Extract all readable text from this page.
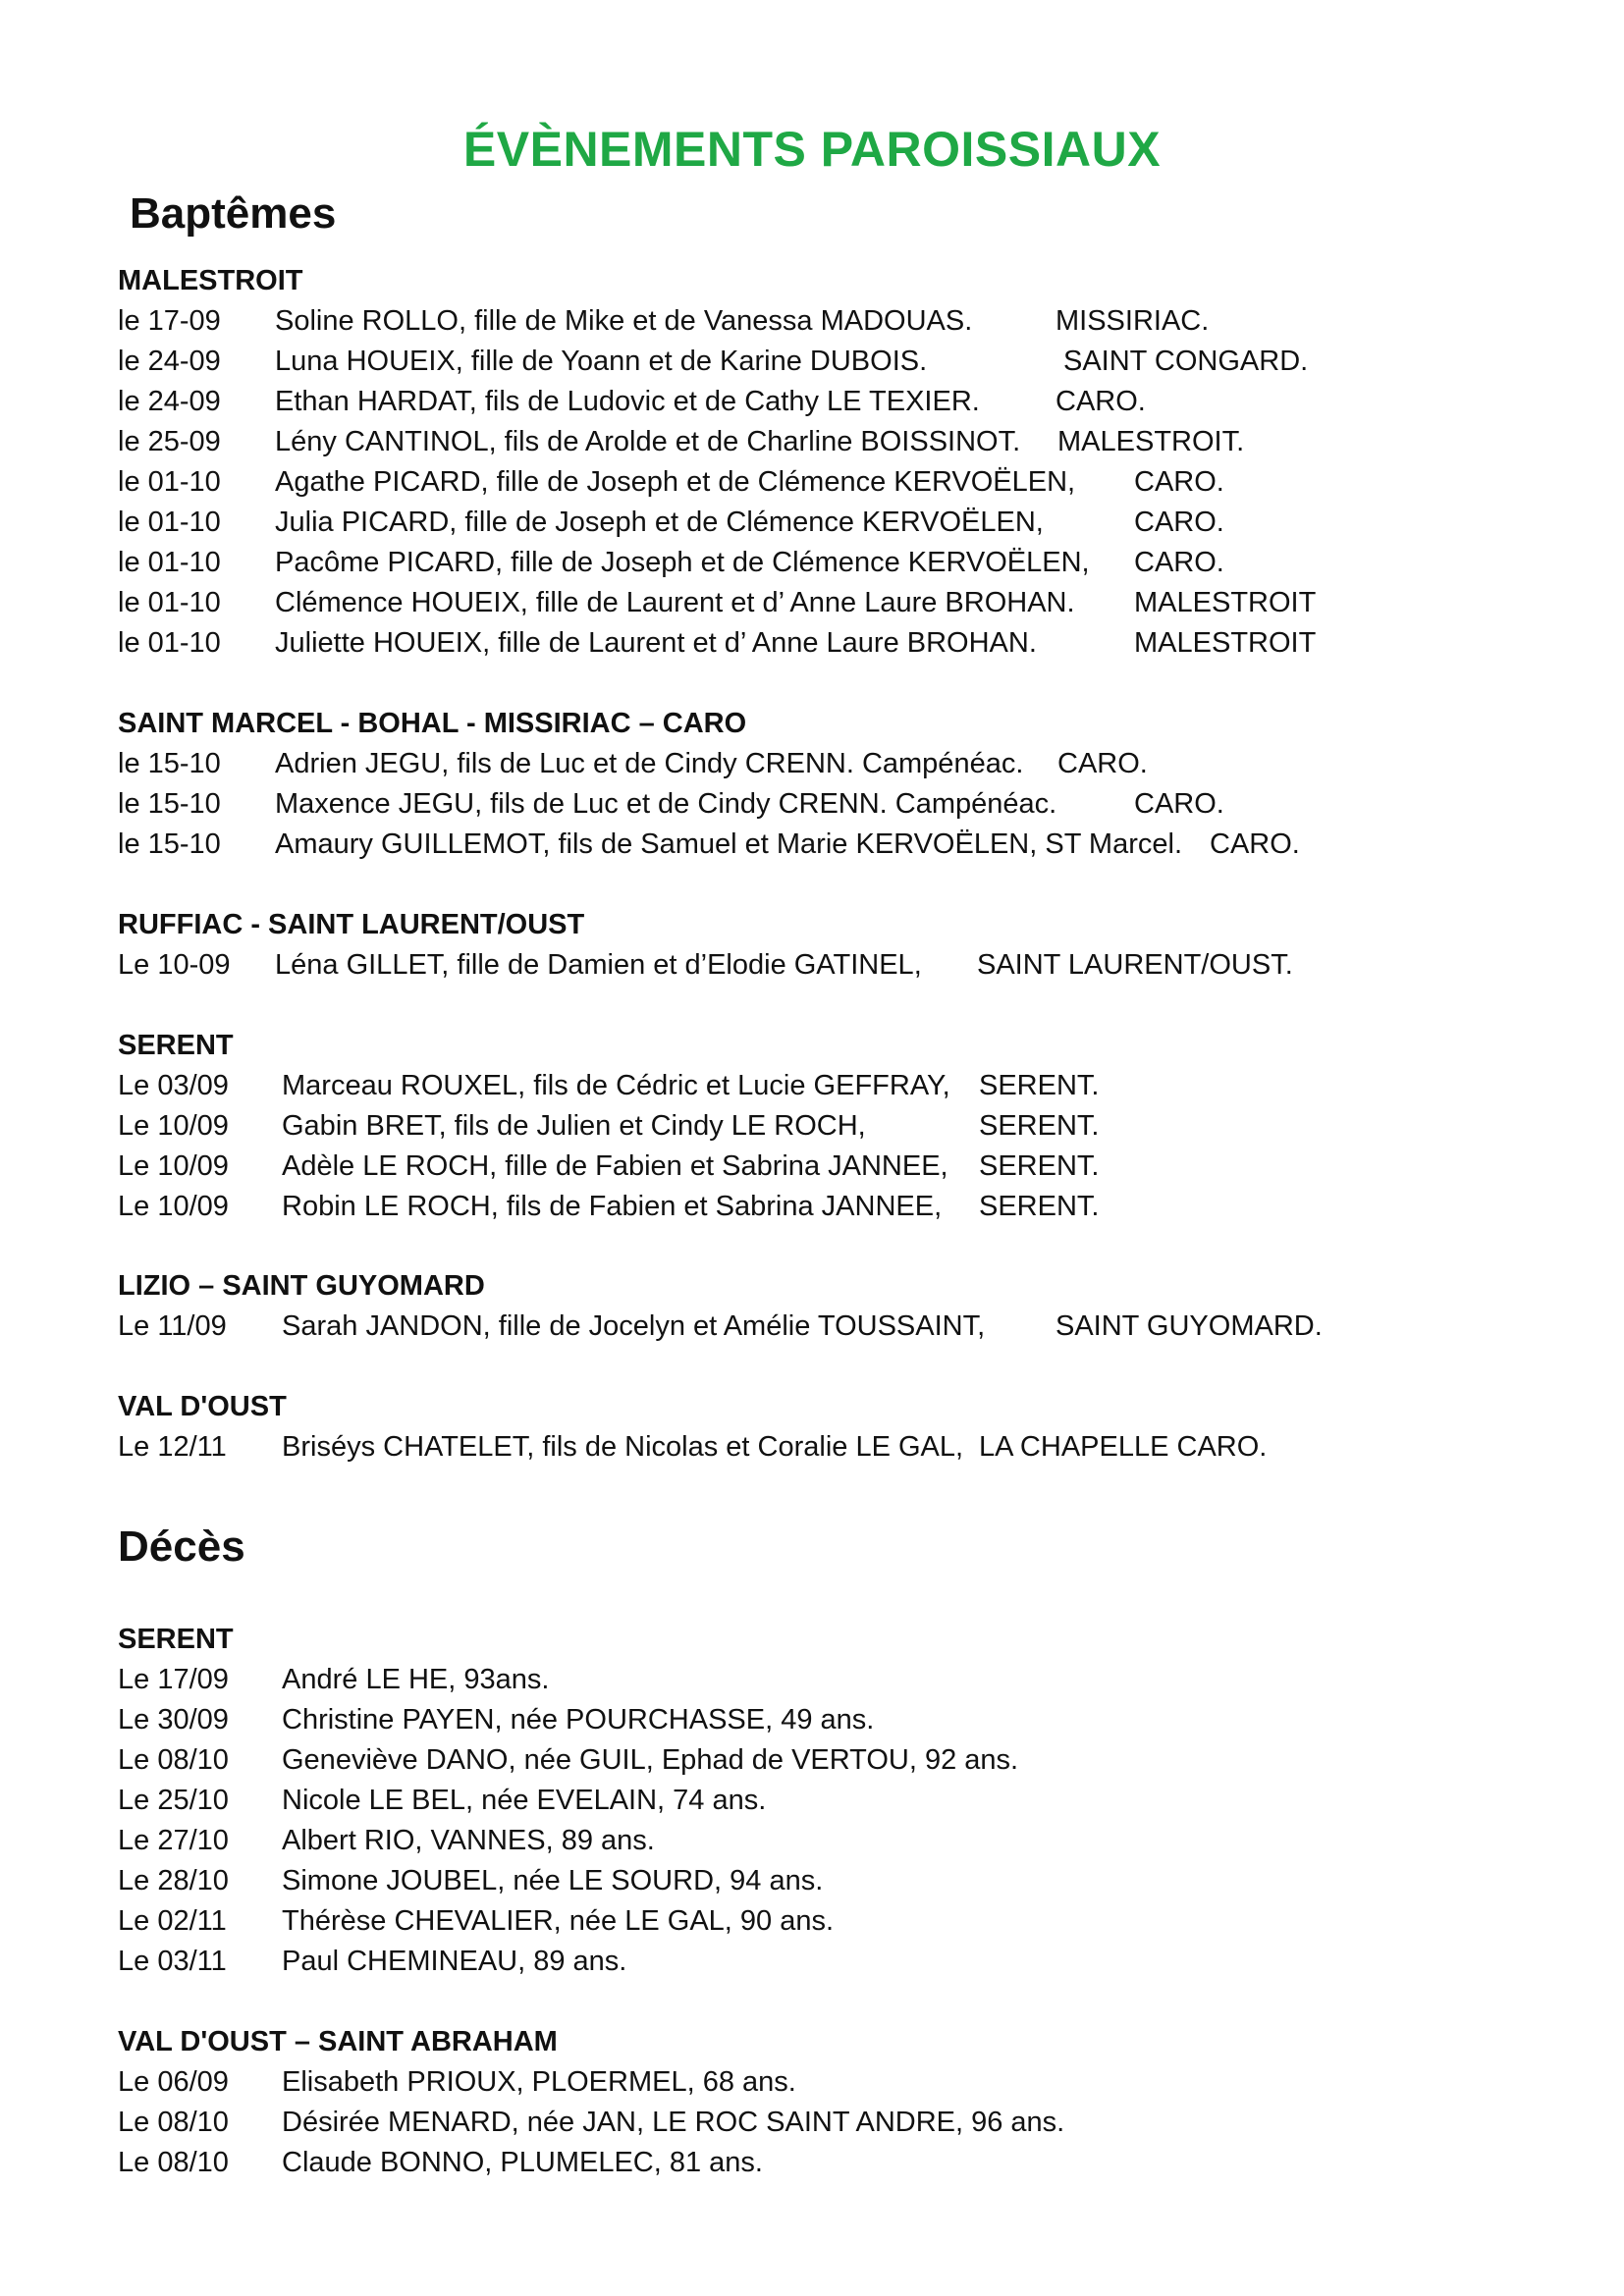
ÉVÈNEMENTS PAROISSIAUX
Baptêmes
MALESTROIT
le 17-09 Soline ROLLO, fille de Mike et de Vanessa MADOUAS.	MISSIRIAC.
le 24-09 Luna HOUEIX, fille de Yoann et de Karine DUBOIS.	SAINT CONGARD.
le 24-09 Ethan HARDAT, fils de Ludovic et de Cathy LE TEXIER.	CARO.
le 25-09 Lény CANTINOL, fils de Arolde et de Charline BOISSINOT. MALESTROIT.
le 01-10 Agathe PICARD, fille de Joseph et de Clémence KERVOËLEN, CARO.
le 01-10 Julia PICARD, fille de Joseph et de Clémence KERVOËLEN,	CARO.
le 01-10 Pacôme PICARD, fille de Joseph et de Clémence KERVOËLEN, CARO.
le 01-10 Clémence HOUEIX, fille de Laurent et d’ Anne Laure BROHAN. MALESTROIT
le 01-10 Juliette HOUEIX, fille de Laurent et d’ Anne Laure BROHAN.	MALESTROIT
SAINT MARCEL - BOHAL - MISSIRIAC – CARO
le 15-10 Adrien JEGU, fils de Luc et de Cindy CRENN. Campénéac. CARO.
le 15-10 Maxence JEGU, fils de Luc et de Cindy CRENN. Campénéac.	CARO.
le 15-10 Amaury GUILLEMOT, fils de Samuel et Marie KERVOËLEN, ST Marcel. CARO.
RUFFIAC - SAINT LAURENT/OUST
Le 10-09 Léna GILLET, fille de Damien et d’Elodie GATINEL, SAINT LAURENT/OUST.
SERENT
Le 03/09 Marceau ROUXEL, fils de Cédric et Lucie GEFFRAY, SERENT.
Le 10/09 Gabin BRET, fils de Julien et Cindy LE ROCH,	SERENT.
Le 10/09 Adèle LE ROCH, fille de Fabien et Sabrina JANNEE, SERENT.
Le 10/09 Robin LE ROCH, fils de Fabien et Sabrina JANNEE, SERENT.
LIZIO – SAINT GUYOMARD
Le 11/09 Sarah JANDON, fille de Jocelyn et Amélie TOUSSAINT, SAINT GUYOMARD.
VAL D'OUST
Le 12/11 Briséys CHATELET, fils de Nicolas et Coralie LE GAL, LA CHAPELLE CARO.
Décès
SERENT
Le 17/09 André LE HE, 93ans.
Le 30/09 Christine PAYEN, née POURCHASSE, 49 ans.
Le 08/10 Geneviève DANO, née GUIL, Ephad de VERTOU, 92 ans.
Le 25/10 Nicole LE BEL, née EVELAIN, 74 ans.
Le 27/10 Albert RIO, VANNES, 89 ans.
Le 28/10 Simone JOUBEL, née LE SOURD, 94 ans.
Le 02/11 Thérèse CHEVALIER, née LE GAL, 90 ans.
Le 03/11 Paul CHEMINEAU, 89 ans.
VAL D'OUST – SAINT ABRAHAM
Le 06/09 Elisabeth PRIOUX, PLOERMEL, 68 ans.
Le 08/10 Désirée MENARD, née JAN, LE ROC SAINT ANDRE, 96 ans.
Le 08/10 Claude BONNO, PLUMELEC, 81 ans.
